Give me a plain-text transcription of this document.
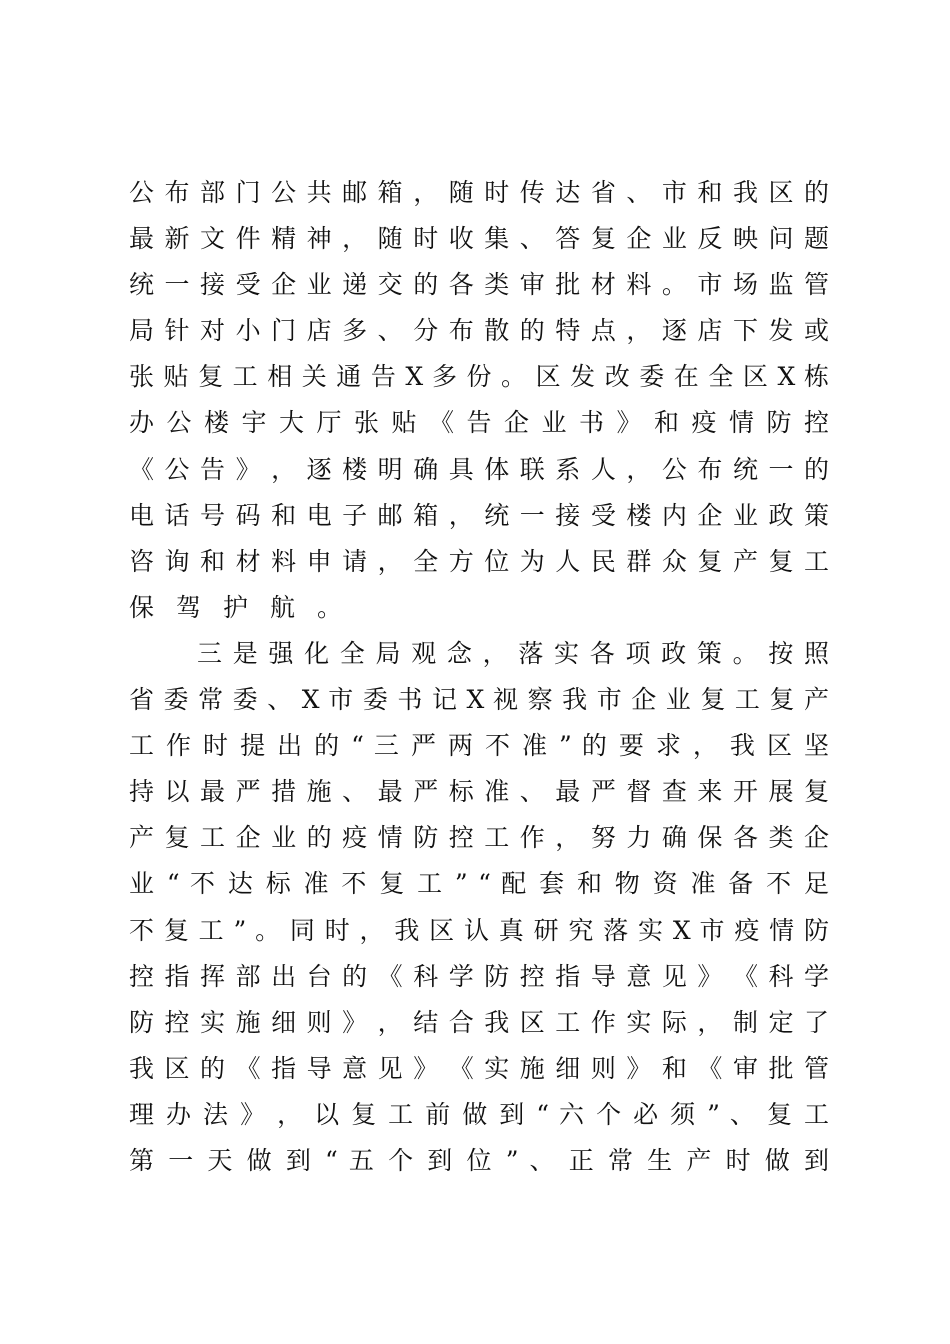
公 布 部 门 公 共 邮 箱 ， 随 时 传 达 省 、 市 和 我 区 的
最 新 文 件 精 神 ， 随 时 收 集 、 答 复 企 业 反 映 问 题
统 一 接 受 企 业 递 交 的 各 类 审 批 材 料 。 市 场 监 管
局 针 对 小 门 店 多 、 分 布 散 的 特 点 ， 逐 店 下 发 或
张 贴 复 工 相 关 通 告 X 多 份 。 区 发 改 委 在 全 区 X 栋
办 公 楼 宇 大 厅 张 贴 《 告 企 业 书 》 和 疫 情 防 控
《 公 告 》 ， 逐 楼 明 确 具 体 联 系 人 ， 公 布 统 一 的
电 话 号 码 和 电 子 邮 箱 ， 统 一 接 受 楼 内 企 业 政 策
咨 询 和 材 料 申 请 ， 全 方 位 为 人 民 群 众 复 产 复 工
保驾护航。
三 是 强 化 全 局 观 念 ， 落 实 各 项 政 策 。 按 照
省 委 常 委 、 X 市 委 书 记 X 视 察 我 市 企 业 复 工 复 产
工 作 时 提 出 的 “ 三 严 两 不 准 ” 的 要 求 ， 我 区 坚
持 以 最 严 措 施 、 最 严 标 准 、 最 严 督 查 来 开 展 复
产 复 工 企 业 的 疫 情 防 控 工 作 ， 努 力 确 保 各 类 企
业 “ 不 达 标 准 不 复 工 ” “ 配 套 和 物 资 准 备 不 足
不 复 工 ” 。 同 时 ， 我 区 认 真 研 究 落 实 X 市 疫 情 防
控 指 挥 部 出 台 的 《 科 学 防 控 指 导 意 见 》 《 科 学
防 控 实 施 细 则 》 ， 结 合 我 区 工 作 实 际 ， 制 定 了
我 区 的 《 指 导 意 见 》 《 实 施 细 则 》 和 《 审 批 管
理 办 法 》 ， 以 复 工 前 做 到 “ 六 个 必 须 ” 、 复 工
第 一 天 做 到 “ 五 个 到 位 ” 、 正 常 生 产 时 做 到
